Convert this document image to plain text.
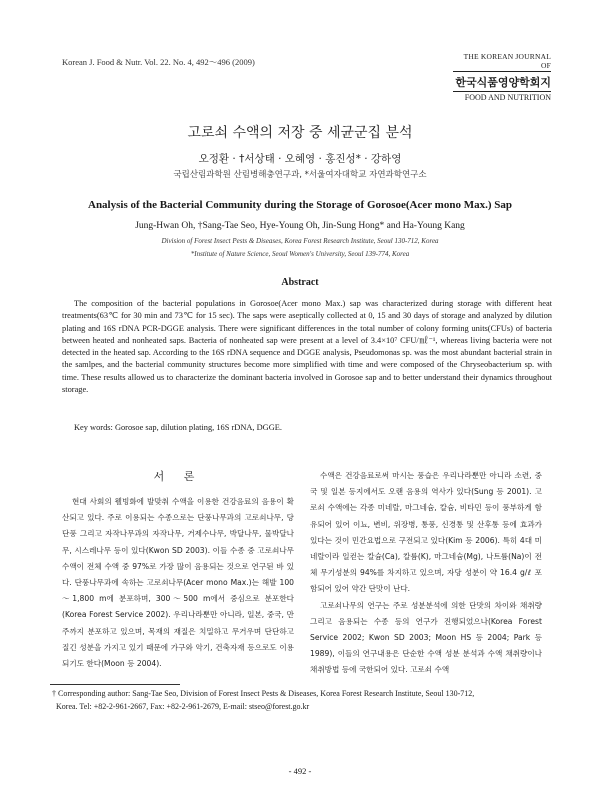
Korean J. Food & Nutr. Vol. 22. No. 4, 492～496 (2009)
THE KOREAN JOURNAL OF
한국식품영양학회지
FOOD AND NUTRITION
고로쇠 수액의 저장 중 세균군집 분석
오정환 · †서상태 · 오혜영 · 홍진성* · 강하영
국립산림과학원 산림병해충연구과, *서울여자대학교 자연과학연구소
Analysis of the Bacterial Community during the Storage of Gorosoe(Acer mono Max.) Sap
Jung-Hwan Oh, †Sang-Tae Seo, Hye-Young Oh, Jin-Sung Hong* and Ha-Young Kang
Division of Forest Insect Pests & Diseases, Korea Forest Research Institute, Seoul 130-712, Korea
*Institute of Nature Science, Seoul Women's University, Seoul 139-774, Korea
Abstract

The composition of the bacterial populations in Gorosoe(Acer mono Max.) sap was characterized during storage with different heat treatments(63℃ for 30 min and 73℃ for 15 sec). The saps were aseptically collected at 0, 15 and 30 days of storage and analyzed by dilution plating and 16S rDNA PCR-DGGE analysis. There were significant differences in the total number of colony forming units(CFUs) of bacteria between heated and nonheated saps. Bacteria of nonheated sap were present at a level of 3.4×10⁷ CFU/㎖⁻¹, whereas living bacteria were not detected in the heated sap. According to the 16S rDNA sequence and DGGE analysis, Pseudomonas sp. was the most abundant bacterial strain in the samlpes, and the bacterial community structures become more simplified with time and were composed of the Chryseobacterium sp. with time. These results allowed us to characterize the dominant bacteria involved in Gorosoe sap and to better understand their dynamics throughout storage.

Key words: Gorosoe sap, dilution plating, 16S rDNA, DGGE.
서 론

현대 사회의 웰빙화에 발맞춰 수액을 이용한 건강음료의 음용이 확산되고 있다. 주로 이용되는 수종으로는 단풍나무과의 고로쇠나무, 당단풍 그리고 자작나무과의 자작나무, 거제수나무, 박달나무, 물박달나무, 시스레나무 등이 있다(Kwon SD 2003). 이들 수종 중 고로쇠나무 수액이 전체 수액 중 97%로 가장 많이 음용되는 것으로 연구된 바 있다. 단풍나무과에 속하는 고로쇠나무(Acer mono Max.)는 해발 100～1,800 m에 분포하며, 300～500 m에서 중심으로 분포한다(Korea Forest Service 2002). 우리나라뿐만 아니라, 일본, 중국, 만주까지 분포하고 있으며, 목재의 재질은 치밀하고 무거우며 단단하고 질긴 성분을 가지고 있기 때문에 가구와 악기, 건축자재 등으로도 이용되기도 한다(Moon 등 2004).

수액은 건강음료로써 마시는 풍습은 우리나라뿐만 아니라 소련, 중국 및 일본 등지에서도 오랜 음용의 역사가 있다(Sung 등 2001). 고로쇠 수액에는 각종 미네랄, 마그네슘, 칼슘, 비타민 등이 풍부하게 함유되어 있어 이뇨, 변비, 위장병, 통풍, 신경통 및 산후통 등에 효과가 있다는 것이 민간요법으로 구전되고 있다(Kim 등 2006). 특히 4대 미네랄이라 일컫는 칼슘(Ca), 칼륨(K), 마그네슘(Mg), 나트륨(Na)이 전체 무기성분의 94%를 차지하고 있으며, 자당 성분이 약 16.4 g/ℓ 포함되어 있어 약간 단맛이 난다.

고로쇠나무의 연구는 주로 성분분석에 의한 단맛의 차이와 채취량 그리고 음용되는 수종 등의 연구가 진행되었으나(Korea Forest Service 2002; Kwon SD 2003; Moon HS 등 2004; Park 등 1989), 이들의 연구내용은 단순한 수액 성분 분석과 수액 채취량이나 채취방법 등에 국한되어 있다. 고로쇠 수액

† Corresponding author: Sang-Tae Seo, Division of Forest Insect Pests & Diseases, Korea Forest Research Institute, Seoul 130-712,
Korea. Tel: +82-2-961-2667, Fax: +82-2-961-2679, E-mail: stseo@forest.go.kr
- 492 -
